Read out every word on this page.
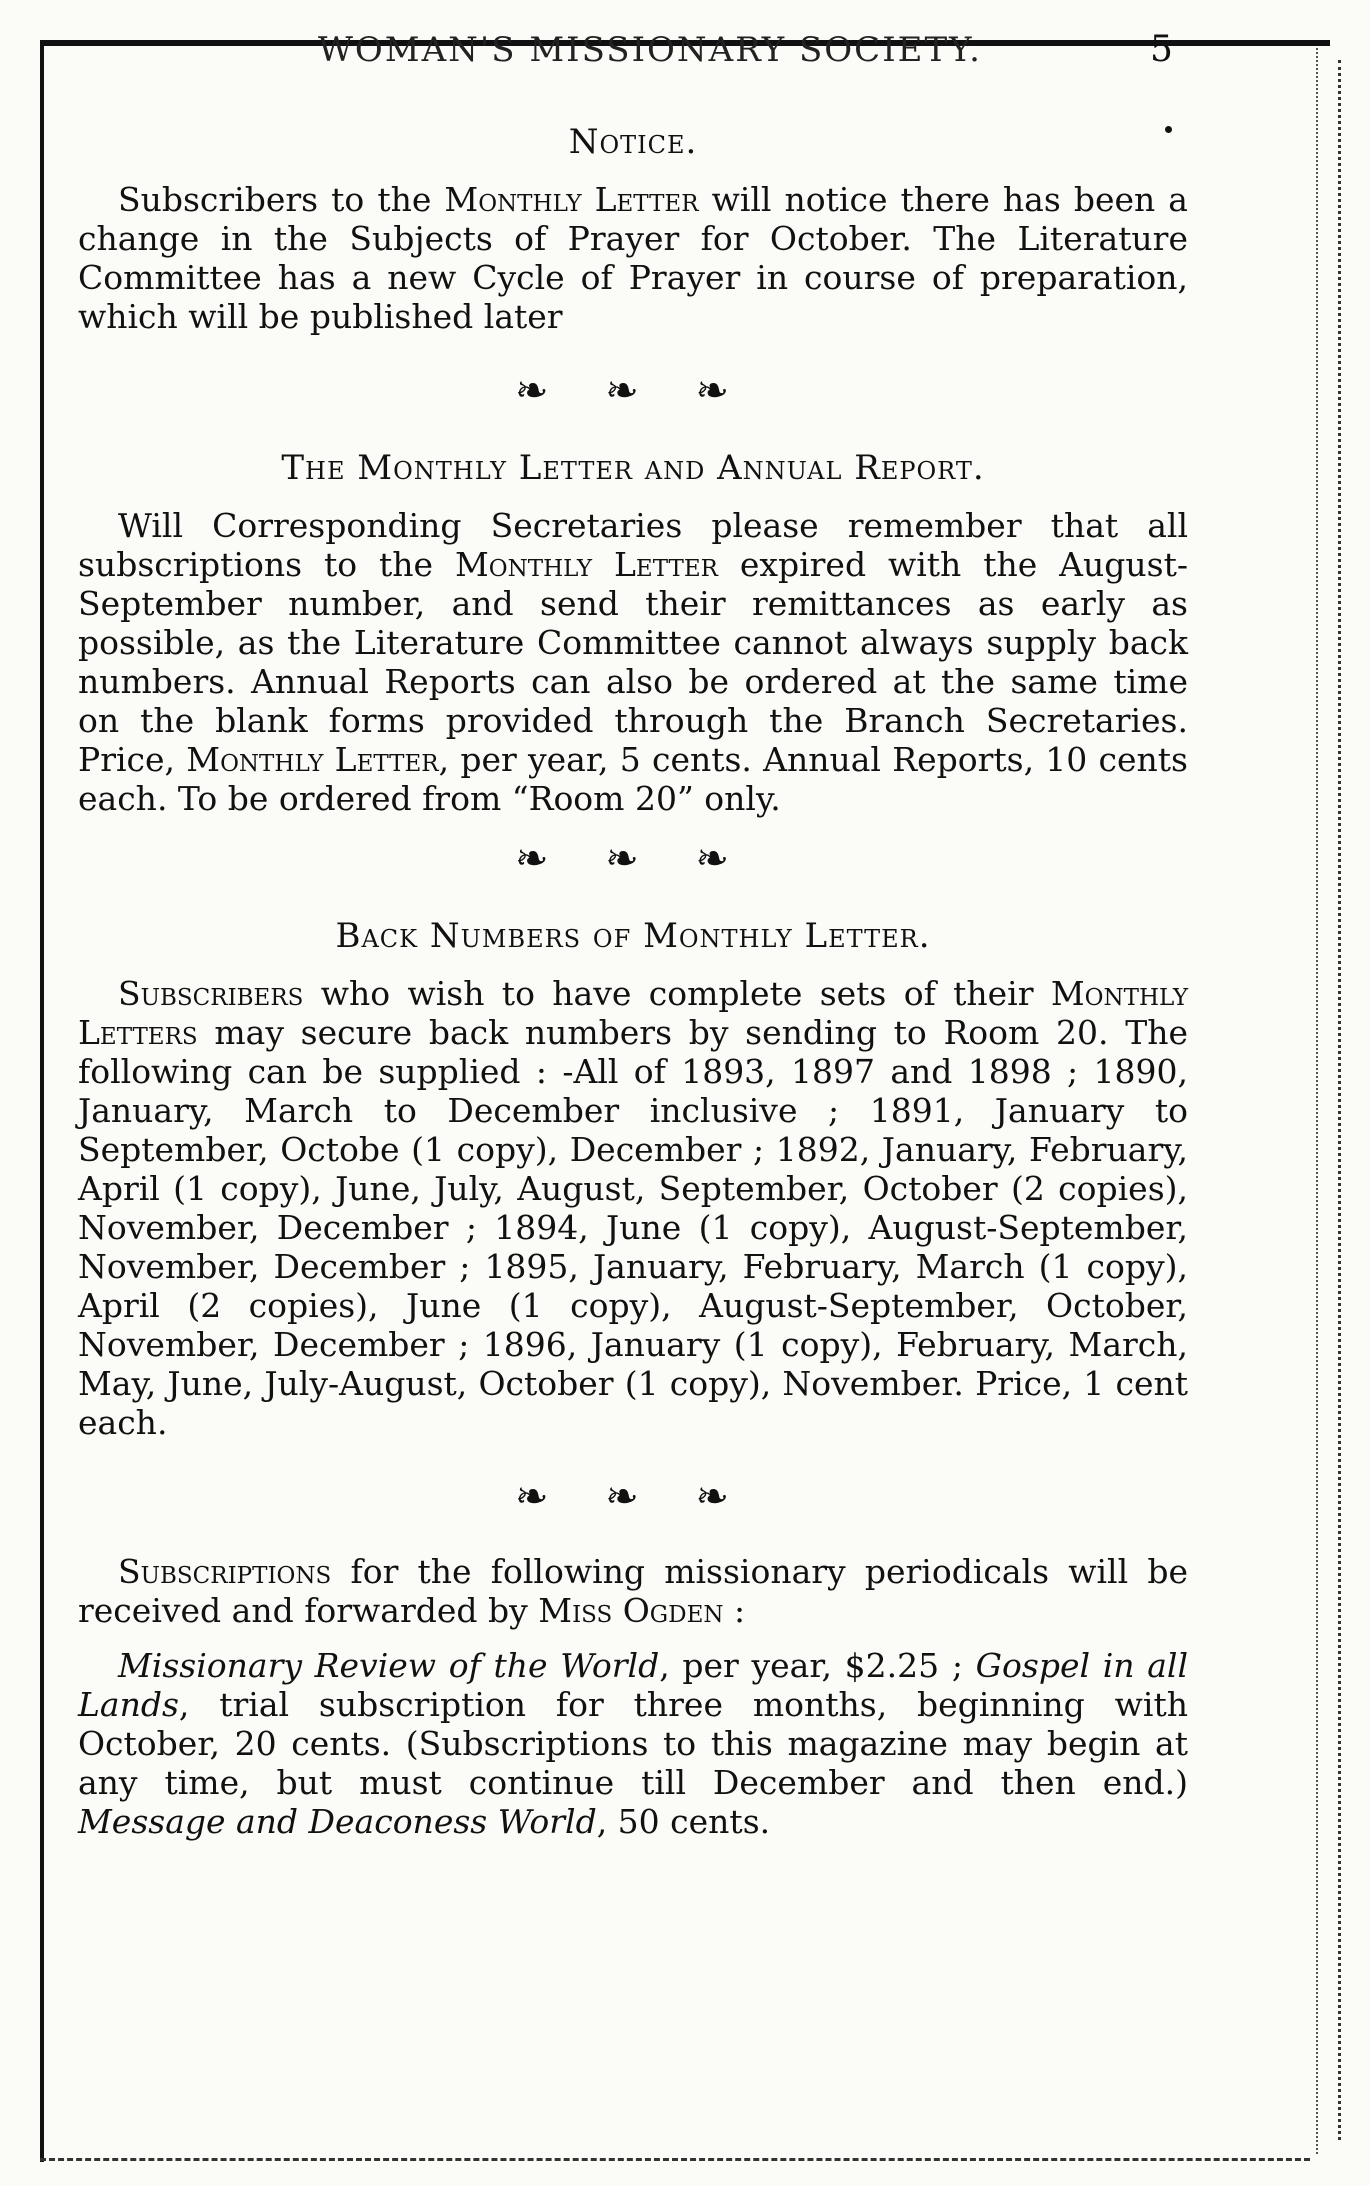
WOMAN'S MISSIONARY SOCIETY.	5
Notice.

Subscribers to the Monthly Letter will notice there has been a change in the Subjects of Prayer for October. The Literature Committee has a new Cycle of Prayer in course of preparation, which will be published later

❧ ❧ ❧
The Monthly Letter and Annual Report.

Will Corresponding Secretaries please remember that all subscriptions to the Monthly Letter expired with the August-September number, and send their remittances as early as possible, as the Literature Committee cannot always supply back numbers. Annual Reports can also be ordered at the same time on the blank forms provided through the Branch Secretaries. Price, Monthly Letter, per year, 5 cents. Annual Reports, 10 cents each. To be ordered from “Room 20” only.

❧ ❧ ❧
Back Numbers of Monthly Letter.

Subscribers who wish to have complete sets of their Monthly Letters may secure back numbers by sending to Room 20. The following can be supplied : -All of 1893, 1897 and 1898 ; 1890, January, March to December inclusive ; 1891, January to September, Octobe (1 copy), December ; 1892, January, February, April (1 copy), June, July, August, September, October (2 copies), November, December ; 1894, June (1 copy), August-September, November, December ; 1895, January, February, March (1 copy), April (2 copies), June (1 copy), August-September, October, November, December ; 1896, January (1 copy), February, March, May, June, July-August, October (1 copy), November. Price, 1 cent each.

❧ ❧ ❧

Subscriptions for the following missionary periodicals will be received and forwarded by Miss Ogden :

Missionary Review of the World, per year, $2.25 ; Gospel in all Lands, trial subscription for three months, beginning with October, 20 cents. (Subscriptions to this magazine may begin at any time, but must continue till December and then end.) Message and Deaconess World, 50 cents.
